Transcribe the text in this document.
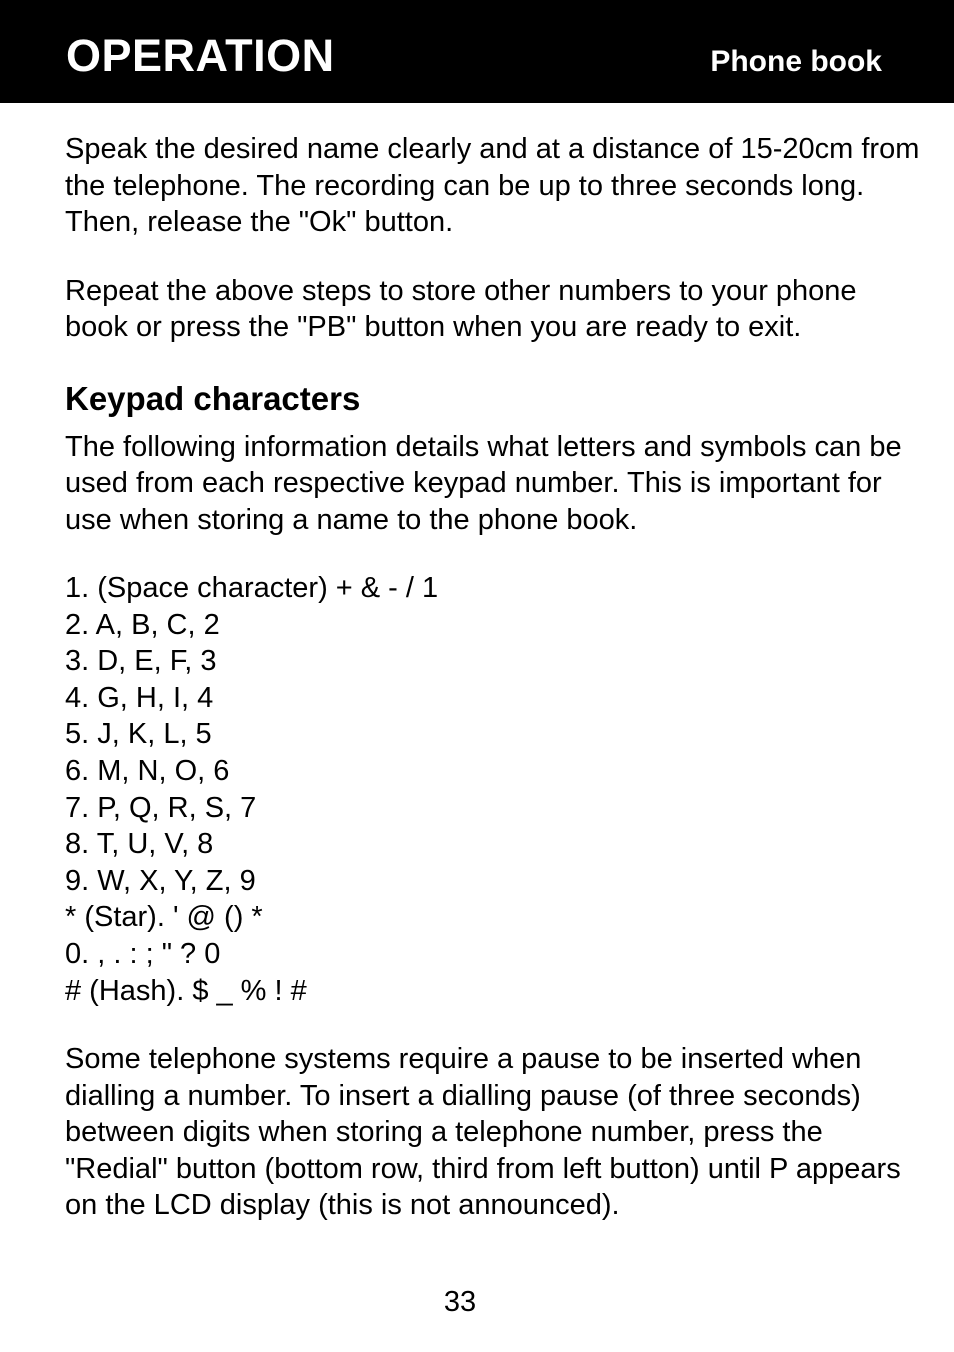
OPERATION	Phone book

Speak the desired name clearly and at a distance of 15-20cm from the telephone. The recording can be up to three seconds long. Then, release the "Ok" button.

Repeat the above steps to store other numbers to your phone book or press the "PB" button when you are ready to exit.

Keypad characters

The following information details what letters and symbols can be used from each respective keypad number. This is important for use when storing a name to the phone book.

1. (Space character) + & - / 1
2. A, B, C, 2
3. D, E, F, 3
4. G, H, I, 4
5. J, K, L, 5
6. M, N, O, 6
7. P, Q, R, S, 7
8. T, U, V, 8
9. W, X, Y, Z, 9
* (Star). ' @ () *
0. , . : ; " ? 0
# (Hash). $ _ % ! #

Some telephone systems require a pause to be inserted when dialling a number. To insert a dialling pause (of three seconds) between digits when storing a telephone number, press the "Redial" button (bottom row, third from left button) until P appears on the LCD display (this is not announced).

33
